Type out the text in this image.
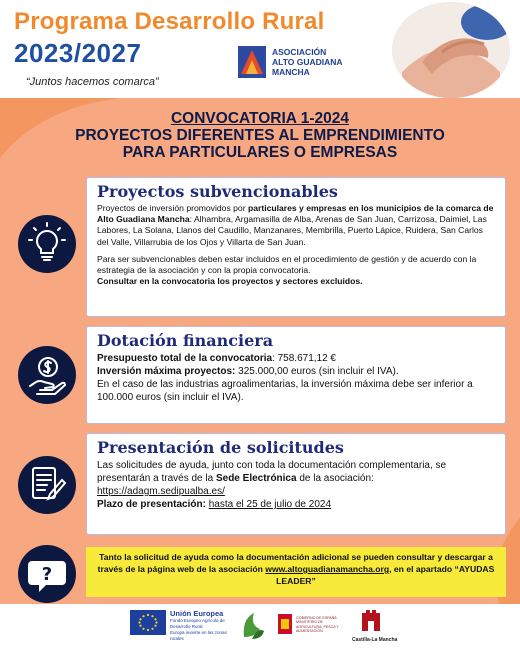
Programa Desarrollo Rural
2023/2027
“Juntos hacemos comarca”
ASOCIACIÓN
ALTO GUADIANA
MANCHA
CONVOCATORIA 1-2024
PROYECTOS DIFERENTES AL EMPRENDIMIENTO
PARA PARTICULARES O EMPRESAS
?
Proyectos subvencionables

Proyectos de inversión promovidos por particulares y empresas en los municipios de la comarca de Alto Guadiana Mancha: Alhambra, Argamasilla de Alba, Arenas de San Juan, Carrizosa, Daimiel, Las Labores, La Solana, Llanos del Caudillo, Manzanares, Membrilla, Puerto Lápice, Ruidera, San Carlos del Valle, Villarrubia de los Ojos y Villarta de San Juan.

Para ser subvencionables deben estar incluidos en el procedimiento de gestión y de acuerdo con la estrategia de la asociación y con la propia convocatoria.

Consultar en la convocatoria los proyectos y sectores excluidos.

Dotación financiera

Presupuesto total de la convocatoria: 758.671,12 €

Inversión máxima proyectos: 325.000,00 euros (sin incluir el IVA).

En el caso de las industrias agroalimentarias, la inversión máxima debe ser inferior a 100.000 euros (sin incluir el IVA).

Presentación de solicitudes

Las solicitudes de ayuda, junto con toda la documentación complementaria, se presentarán a través de la Sede Electrónica de la asociación: https://adagm.sedipualba.es/

Plazo de presentación: hasta el 25 de julio de 2024

Tanto la solicitud de ayuda como la documentación adicional se pueden consultar y descargar a través de la página web de la asociación www.altoguadianamancha.org, en el apartado “AYUDAS LEADER”
Unión Europea
Fondo Europeo Agrícola de Desarrollo Rural
Europa invierte en las zonas rurales
GOBIERNO DE ESPAÑA · MINISTERIO DE AGRICULTURA, PESCA Y ALIMENTACIÓN
Castilla-La Mancha
